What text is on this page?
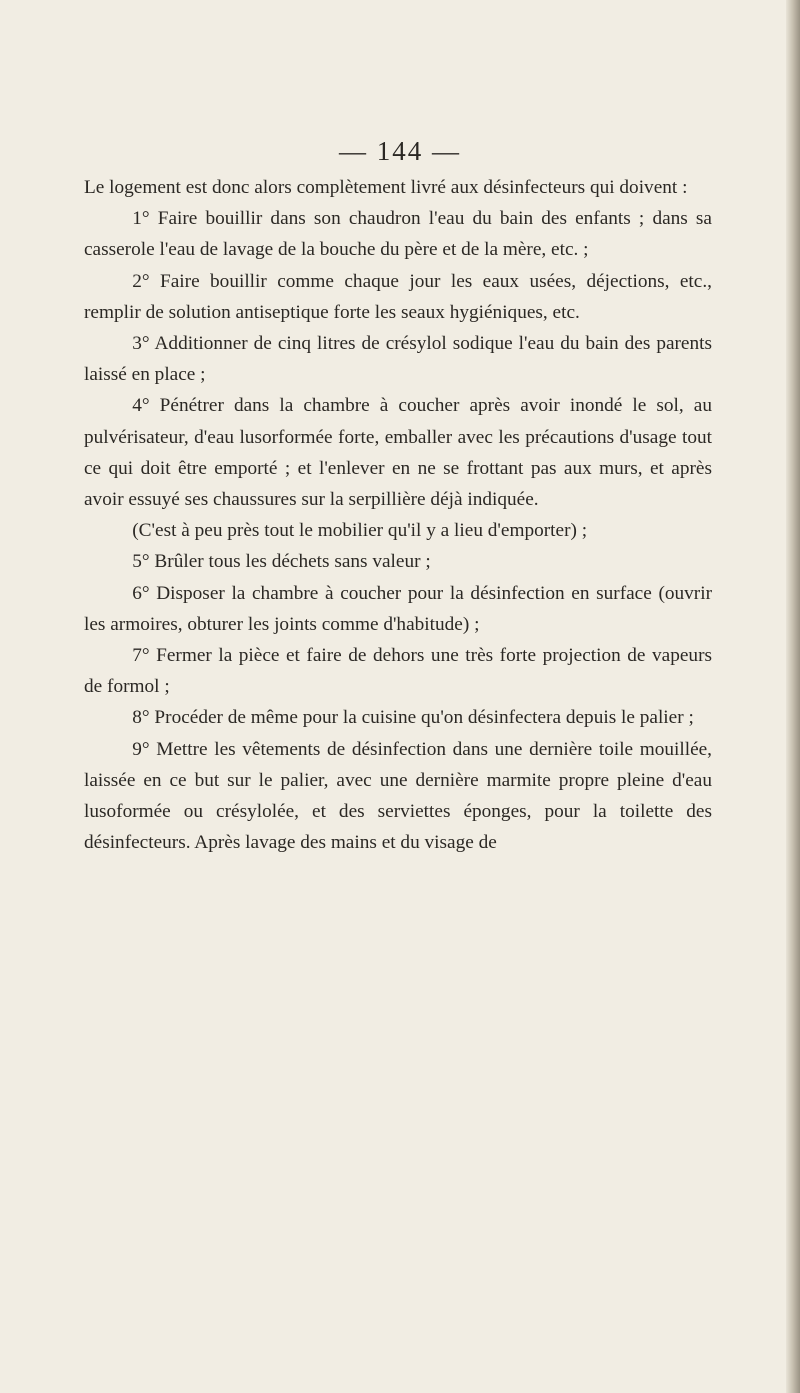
— 144 —

Le logement est donc alors complètement livré aux désinfecteurs qui doivent :

1° Faire bouillir dans son chaudron l'eau du bain des enfants ; dans sa casserole l'eau de lavage de la bouche du père et de la mère, etc. ;

2° Faire bouillir comme chaque jour les eaux usées, déjections, etc., remplir de solution antiseptique forte les seaux hygiéniques, etc.

3° Additionner de cinq litres de crésylol sodique l'eau du bain des parents laissé en place ;

4° Pénétrer dans la chambre à coucher après avoir inondé le sol, au pulvérisateur, d'eau lusorformée forte, emballer avec les précautions d'usage tout ce qui doit être emporté ; et l'enlever en ne se frottant pas aux murs, et après avoir essuyé ses chaussures sur la serpillière déjà indiquée.

(C'est à peu près tout le mobilier qu'il y a lieu d'emporter) ;

5° Brûler tous les déchets sans valeur ;

6° Disposer la chambre à coucher pour la désinfection en surface (ouvrir les armoires, obturer les joints comme d'habitude) ;

7° Fermer la pièce et faire de dehors une très forte projection de vapeurs de formol ;

8° Procéder de même pour la cuisine qu'on désinfectera depuis le palier ;

9° Mettre les vêtements de désinfection dans une dernière toile mouillée, laissée en ce but sur le palier, avec une dernière marmite propre pleine d'eau lusoformée ou crésylolée, et des serviettes éponges, pour la toilette des désinfecteurs. Après lavage des mains et du visage de
